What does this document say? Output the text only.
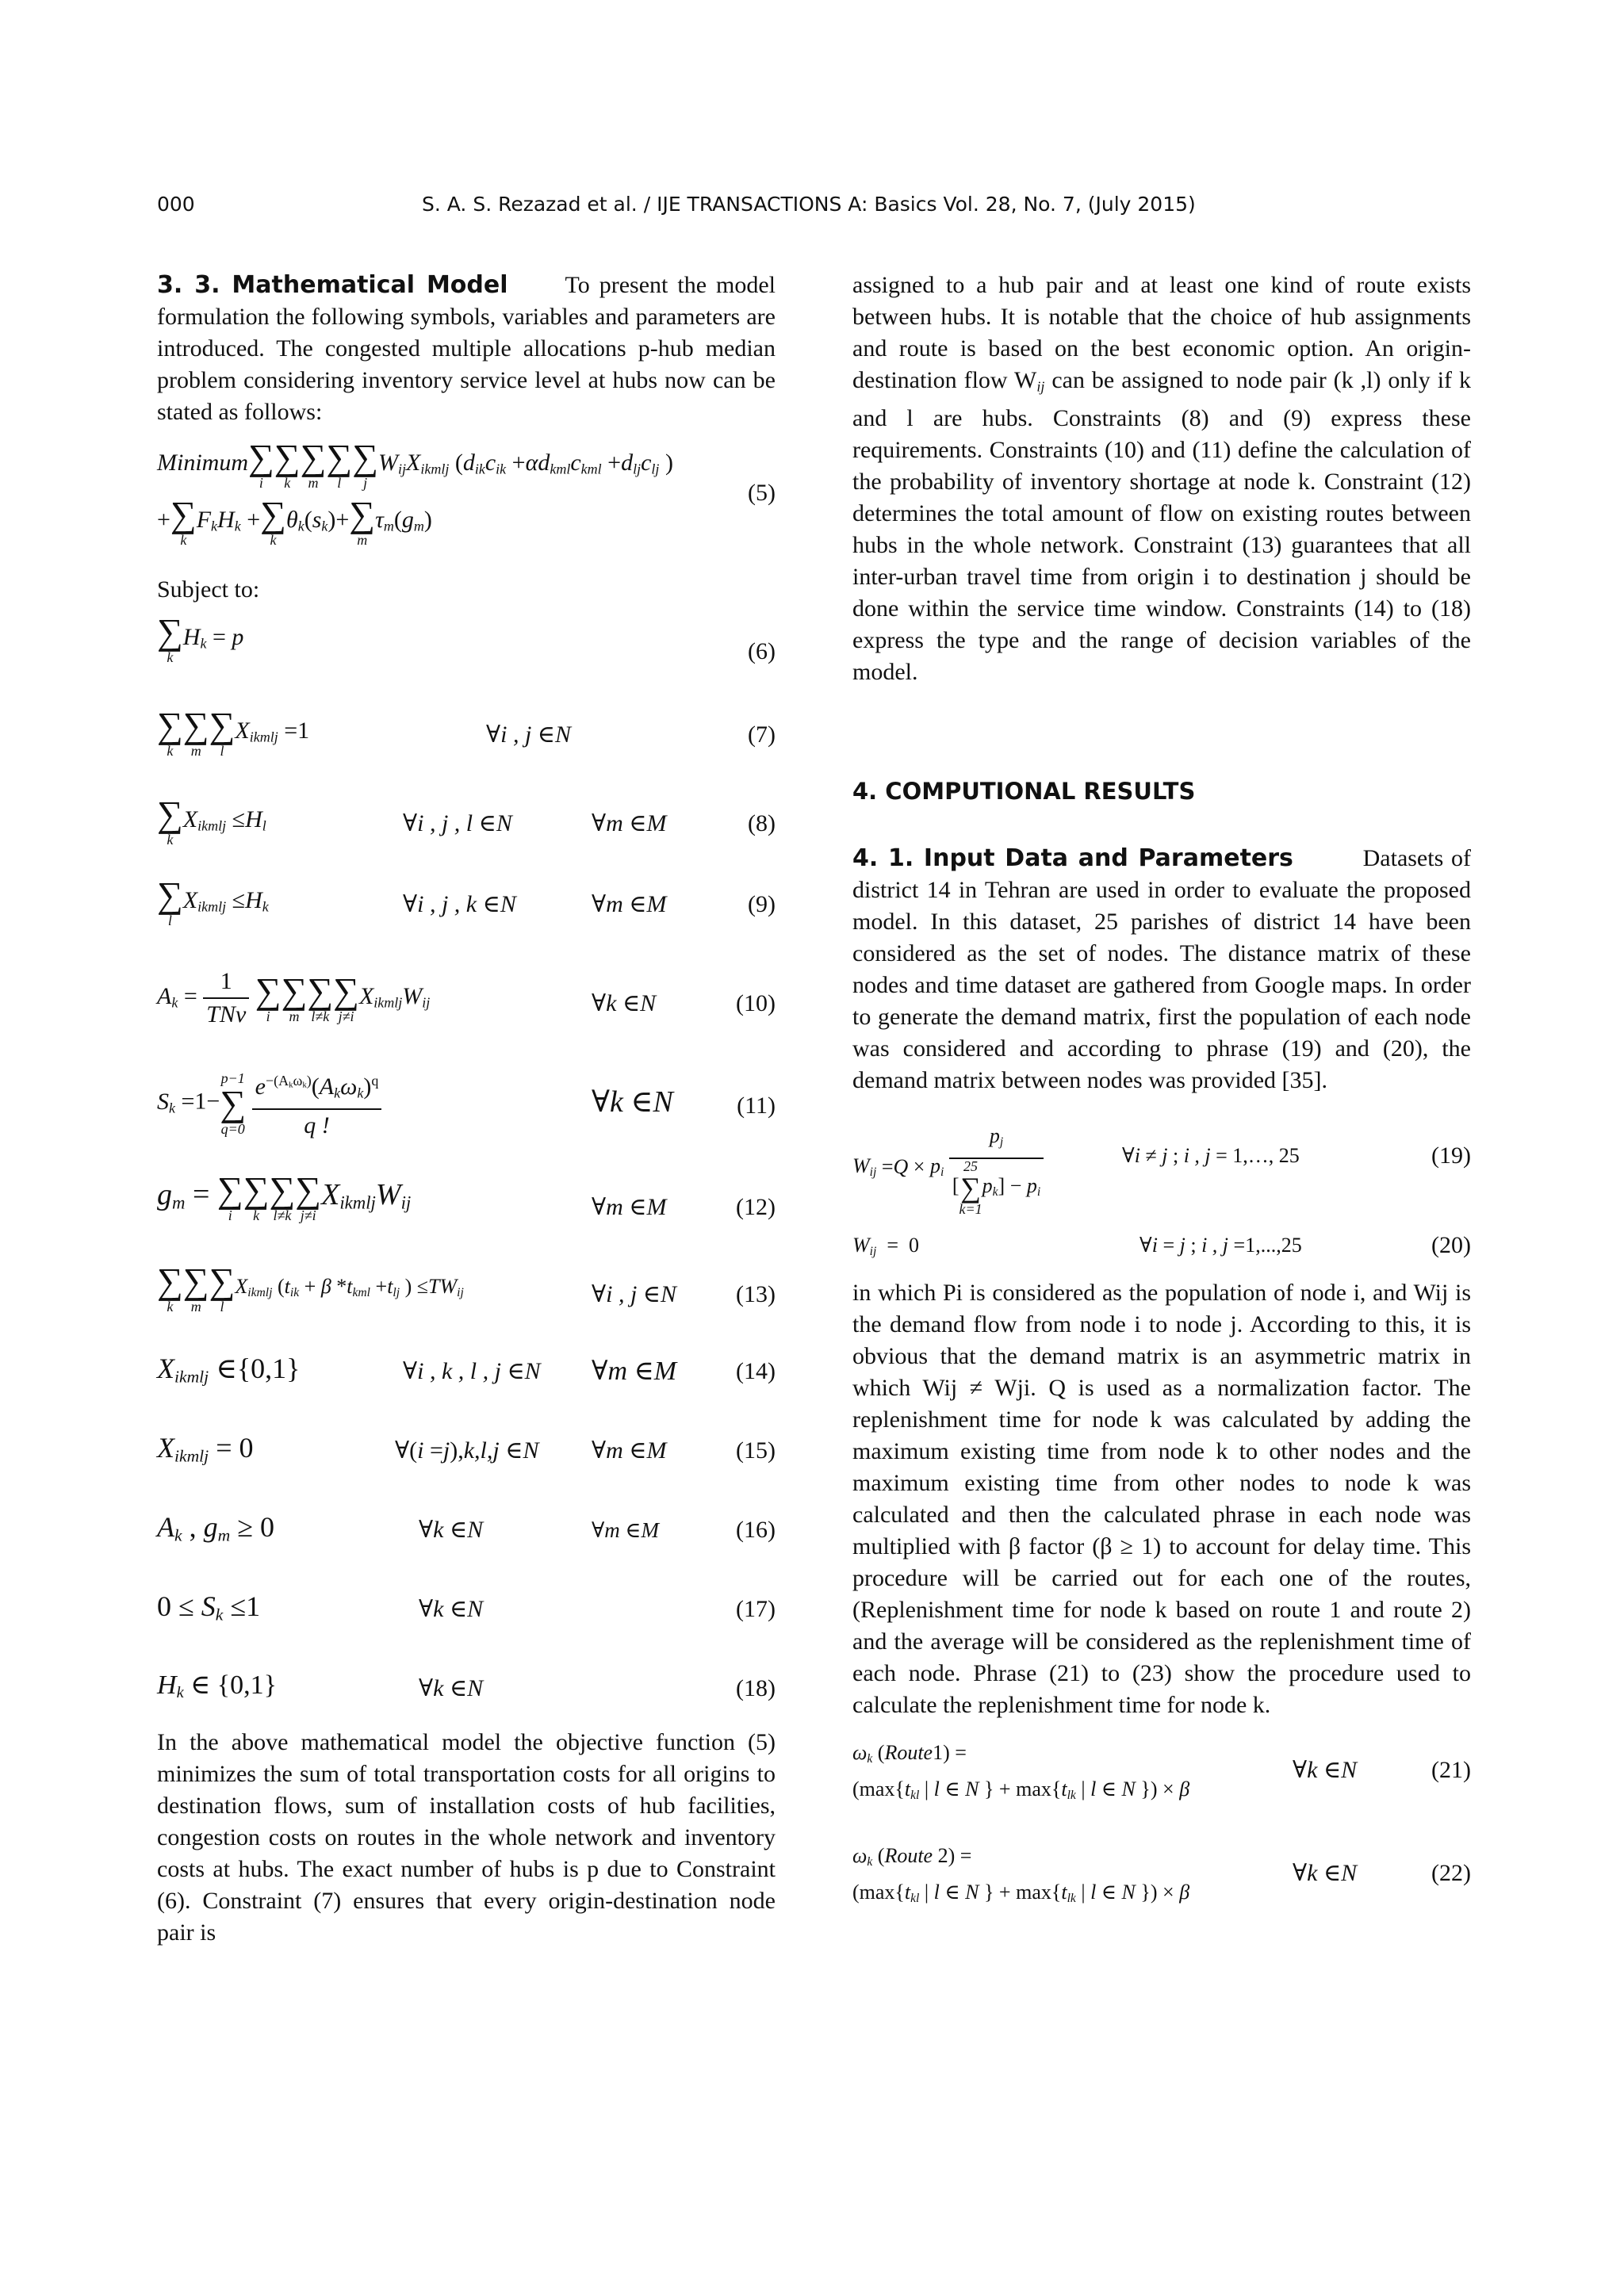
000	S. A. S. Rezazad et al. / IJE TRANSACTIONS A: Basics Vol. 28, No. 7, (July 2015)

3. 3. Mathematical Model To present the model formulation the following symbols, variables and parameters are introduced. The congested multiple allocations p-hub median problem considering inventory service level at hubs now can be stated as follows:

Minimum ∑
i
∑
k
∑
m
∑
l
∑
j
$W_{ij}X_{ikmlj}$ ($d_{ik}c_{ik} +\alpha d_{kml}c_{kml} +d_{lj}c_{lj}$ )
+ ∑
k
$F_kH_k$ + ∑
k
$\theta_k(s_k)+$ ∑
m
$\tau_m(g_m)$
(5)

Subject to:

∑
k
$H_k = p$
(6)
∑
k
∑
m
∑
l
$X_{ikmlj} =1$	∀i , j ∈N	(7)
∑
k
$X_{ikmlj} \le H_l$	∀i , j , l ∈N	∀m ∈M	(8)
∑
l
$X_{ikmlj} \le H_k$	∀i , j , k ∈N	∀m ∈M	(9)
$A_k = \frac{1}{\text{TNv}}$
∑
i
∑
m
∑
l≠k
∑
j≠i
$X_{ikmlj}W_{ij}$	∀k ∈N	(10)
$S_k =1-$
p−1
∑
q=0
$\frac{e^{-(A_k\omega_k)}(A_k\omega_k)^q}{q !}$	∀k ∈N	(11)
$g_m$ = ∑
i
∑
k
∑
l≠k
∑
j≠i
$X_{ikmlj}W_{ij}$	∀m ∈M	(12)
∑
k
∑
m
∑
l
$X_{ikmlj}$ ($t_{ik} + \beta$ $*t_{kml} +t_{lj}$ ) $\le TW_{ij}$	∀i , j ∈N	(13)
$X_{ikmlj}$ ∈{0,1}	∀i , k , l , j ∈N ∀m ∈M (14)
$X_{ikmlj} = 0$	∀(i =j),k,l,j ∈N ∀m ∈M	(15)
$A_k$ , $g_m \ge 0$	∀k ∈N	∀m ∈M	(16)
$0 \le S_k \le 1$	∀k ∈N	(17)
$H_k$ ∈ {0,1}	∀k ∈N	(18)

In the above mathematical model the objective function (5) minimizes the sum of total transportation costs for all origins to destination flows, sum of installation costs of hub facilities, congestion costs on routes in the whole network and inventory costs at hubs. The exact number of hubs is p due to Constraint (6). Constraint (7) ensures that every origin-destination node pair is

assigned to a hub pair and at least one kind of route exists between hubs. It is notable that the choice of hub assignments and route is based on the best economic option. An origin-destination flow $W_{ij}$ can be assigned to node pair (k ,l) only if k and l are hubs. Constraints (8) and (9) express these requirements. Constraints (10) and (11) define the calculation of the probability of inventory shortage at node k. Constraint (12) determines the total amount of flow on existing routes between hubs in the whole network. Constraint (13) guarantees that all inter-urban travel time from origin i to destination j should be done within the service time window. Constraints (14) to (18) express the type and the range of decision variables of the model.

4. COMPUTIONAL RESULTS

4. 1. Input Data and Parameters	Datasets of district 14 in Tehran are used in order to evaluate the proposed model. In this dataset, 25 parishes of district 14 have been considered as the set of nodes. The distance matrix of these nodes and time dataset are gathered from Google maps. In order to generate the demand matrix, first the population of each node was considered and according to phrase (19) and (20), the demand matrix between nodes was provided [35].

$W_{ij} =Q \times p_i$ $p_j$
[
25
∑
k=1
$p_k] - p_i$	∀i ≠ j ; i , j = 1,…, 25	(19)
$W_{ij} = 0$	∀i = j ; i , j =1,...,25	(20)

in which Pi is considered as the population of node i, and Wij is the demand flow from node i to node j. According to this, it is obvious that the demand matrix is an asymmetric matrix in which Wij ≠ Wji. Q is used as a normalization factor. The replenishment time for node k was calculated by adding the maximum existing time from node k to other nodes and the maximum existing time from other nodes to node k was calculated and then the calculated phrase in each node was multiplied with β factor (β ≥ 1) to account for delay time. This procedure will be carried out for each one of the routes, (Replenishment time for node k based on route 1 and route 2) and the average will be considered as the replenishment time of each node. Phrase (21) to (23) show the procedure used to calculate the replenishment time for node k.

$\omega_k$ (Route1) =
($\max\{t_{kl}$ | l ∈ N } + $\max\{t_{lk}$ | l ∈ N }) × β
∀k ∈N	(21)
$\omega_k$ (Route 2) =
($\max\{t_{kl}$ | l ∈ N } + $\max\{t_{lk}$ | l ∈ N }) × β
∀k ∈N	(22)
